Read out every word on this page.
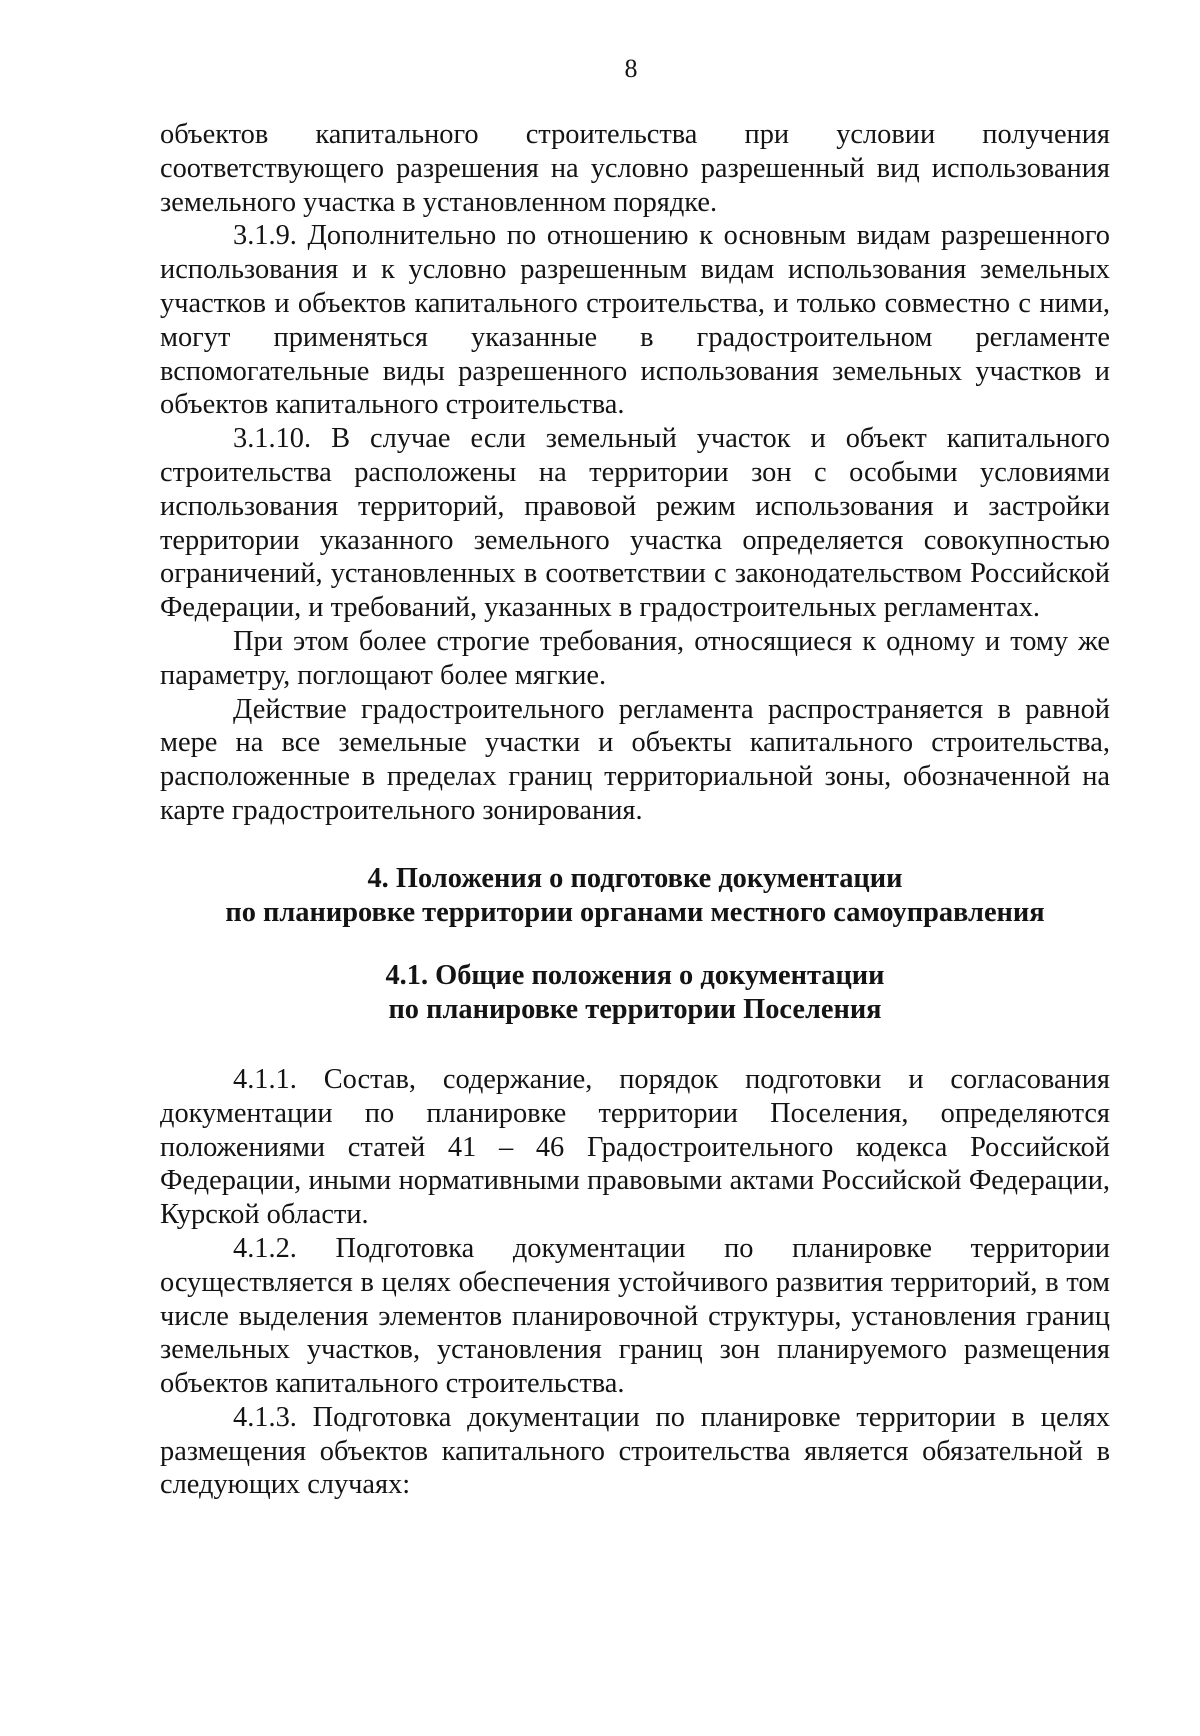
8

объектов капитального строительства при условии получения соответствующего разрешения на условно разрешенный вид использования земельного участка в установленном порядке.

3.1.9. Дополнительно по отношению к основным видам разрешенного использования и к условно разрешенным видам использования земельных участков и объектов капитального строительства, и только совместно с ними, могут применяться указанные в градостроительном регламенте вспомогательные виды разрешенного использования земельных участков и объектов капитального строительства.

3.1.10. В случае если земельный участок и объект капитального строительства расположены на территории зон с особыми условиями использования территорий, правовой режим использования и застройки территории указанного земельного участка определяется совокупностью ограничений, установленных в соответствии с законодательством Российской Федерации, и требований, указанных в градостроительных регламентах.

При этом более строгие требования, относящиеся к одному и тому же параметру, поглощают более мягкие.

Действие градостроительного регламента распространяется в равной мере на все земельные участки и объекты капитального строительства, расположенные в пределах границ территориальной зоны, обозначенной на карте градостроительного зонирования.

4. Положения о подготовке документации
по планировке территории органами местного самоуправления
4.1. Общие положения о документации
по планировке территории Поселения

4.1.1. Состав, содержание, порядок подготовки и согласования документации по планировке территории Поселения, определяются положениями статей 41 – 46 Градостроительного кодекса Российской Федерации, иными нормативными правовыми актами Российской Федерации, Курской области.

4.1.2. Подготовка документации по планировке территории осуществляется в целях обеспечения устойчивого развития территорий, в том числе выделения элементов планировочной структуры, установления границ земельных участков, установления границ зон планируемого размещения объектов капитального строительства.

4.1.3. Подготовка документации по планировке территории в целях размещения объектов капитального строительства является обязательной в следующих случаях:
